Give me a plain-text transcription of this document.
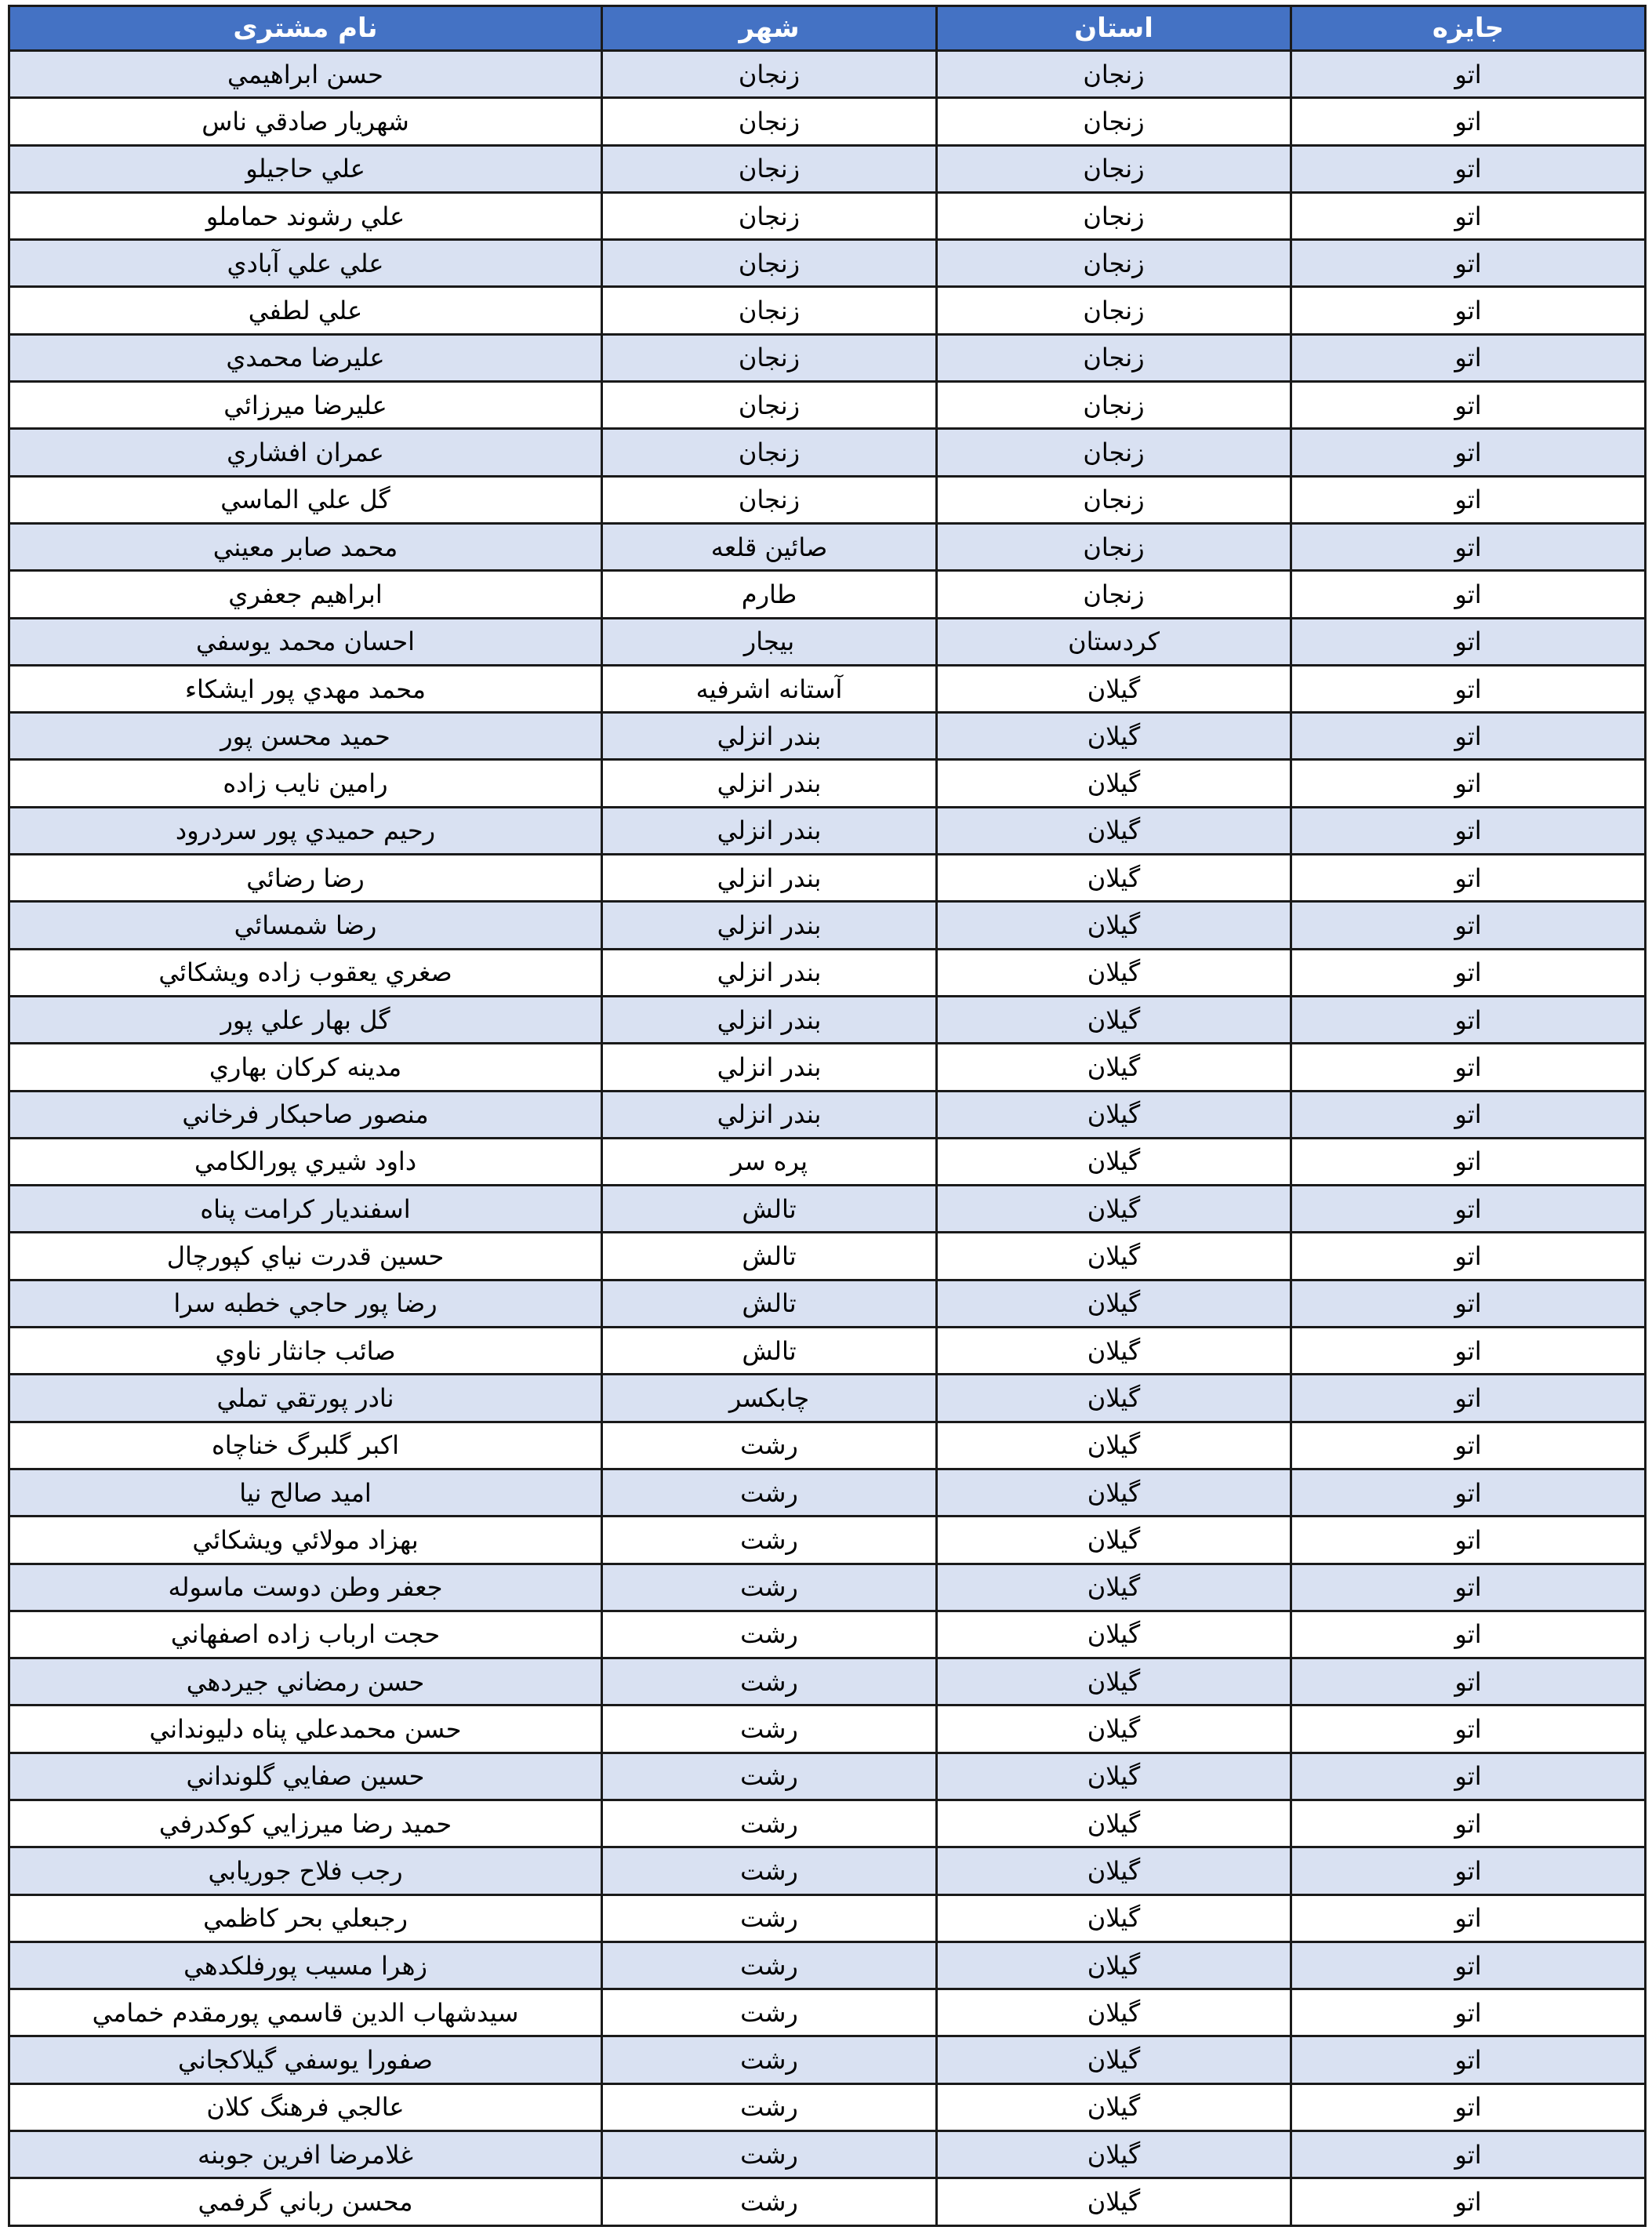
جایزه	استان	شهر	نام مشتری
اتو	زنجان	زنجان	حسن ابراهيمي
اتو	زنجان	زنجان	شهريار صادقي ناس
اتو	زنجان	زنجان	علي حاجيلو
اتو	زنجان	زنجان	علي رشوند حماملو
اتو	زنجان	زنجان	علي علي آبادي
اتو	زنجان	زنجان	علي لطفي
اتو	زنجان	زنجان	عليرضا محمدي
اتو	زنجان	زنجان	عليرضا ميرزائي
اتو	زنجان	زنجان	عمران افشاري
اتو	زنجان	زنجان	گل علي الماسي
اتو	زنجان	صائين قلعه	محمد صابر معيني
اتو	زنجان	طارم	ابراهيم جعفري
اتو	كردستان	بيجار	احسان محمد يوسفي
اتو	گيلان	آستانه اشرفيه	محمد مهدي پور ايشكاء
اتو	گيلان	بندر انزلي	حميد محسن پور
اتو	گيلان	بندر انزلي	رامين نايب زاده
اتو	گيلان	بندر انزلي	رحيم حميدي پور سردرود
اتو	گيلان	بندر انزلي	رضا رضائي
اتو	گيلان	بندر انزلي	رضا شمسائي
اتو	گيلان	بندر انزلي	صغري يعقوب زاده ويشكائي
اتو	گيلان	بندر انزلي	گل بهار علي پور
اتو	گيلان	بندر انزلي	مدينه كركان بهاري
اتو	گيلان	بندر انزلي	منصور صاحبكار فرخاني
اتو	گيلان	پره سر	داود شيري پورالكامي
اتو	گيلان	تالش	اسفنديار كرامت پناه
اتو	گيلان	تالش	حسين قدرت نياي كپورچال
اتو	گيلان	تالش	رضا پور حاجي خطبه سرا
اتو	گيلان	تالش	صائب جانثار ناوي
اتو	گيلان	چابكسر	نادر پورتقي تملي
اتو	گيلان	رشت	اكبر گلبرگ خناچاه
اتو	گيلان	رشت	اميد صالح نيا
اتو	گيلان	رشت	بهزاد مولائي ويشكائي
اتو	گيلان	رشت	جعفر وطن دوست ماسوله
اتو	گيلان	رشت	حجت ارباب زاده اصفهاني
اتو	گيلان	رشت	حسن رمضاني جيردهي
اتو	گيلان	رشت	حسن محمدعلي پناه دليونداني
اتو	گيلان	رشت	حسين صفايي گلونداني
اتو	گيلان	رشت	حميد رضا ميرزايي كوكدرفي
اتو	گيلان	رشت	رجب فلاح جوريابي
اتو	گيلان	رشت	رجبعلي بحر كاظمي
اتو	گيلان	رشت	زهرا مسيب پورفلكدهي
اتو	گيلان	رشت	سيدشهاب الدين قاسمي پورمقدم خمامي
اتو	گيلان	رشت	صفورا يوسفي گيلاكجاني
اتو	گيلان	رشت	عالجي فرهنگ كلان
اتو	گيلان	رشت	غلامرضا افرين جوبنه
اتو	گيلان	رشت	محسن رباني گرفمي
